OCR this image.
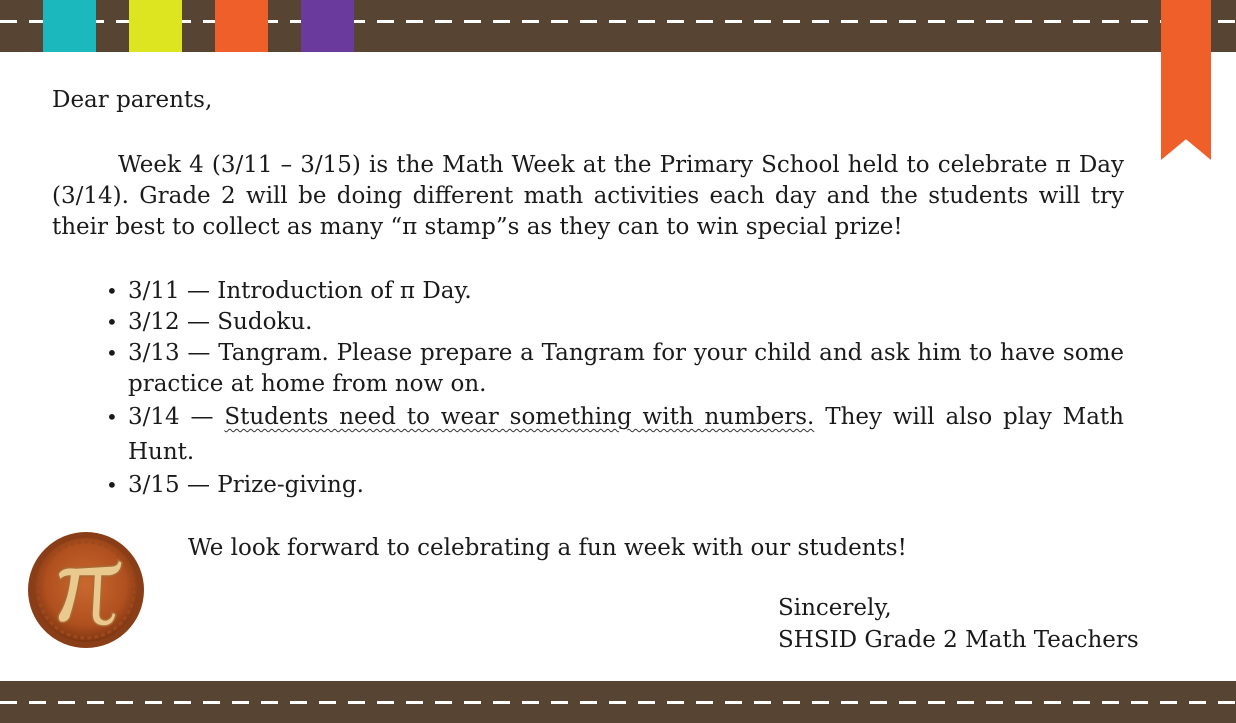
Dear parents,

Week 4 (3/11 – 3/15) is the Math Week at the Primary School held to celebrate π Day (3/14). Grade 2 will be doing different math activities each day and the students will try their best to collect as many “π stamp”s as they can to win special prize!

• 3/11 — Introduction of π Day.
• 3/12 — Sudoku.
• 3/13 — Tangram. Please prepare a Tangram for your child and ask him to have some practice at home from now on.
• 3/14 — Students need to wear something with numbers. They will also play Math Hunt.
• 3/15 — Prize-giving.
We look forward to celebrating a fun week with our students!
Sincerely,
SHSID Grade 2 Math Teachers
